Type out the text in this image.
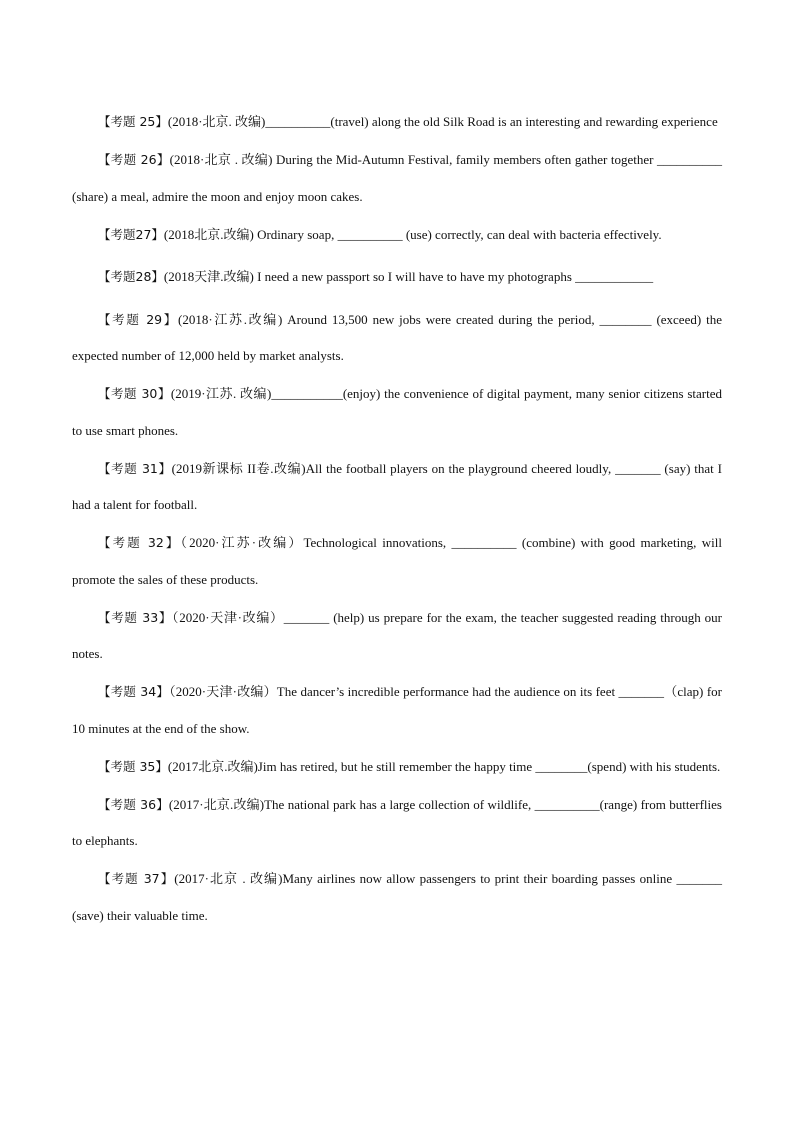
【考题 25】(2018·北京. 改编)__________(travel) along the old Silk Road is an interesting and rewarding experience

【考题 26】(2018·北京 . 改编) During the Mid-Autumn Festival, family members often gather together __________ (share) a meal, admire the moon and enjoy moon cakes.

【考题27】(2018北京.改编) Ordinary soap, __________ (use) correctly, can deal with bacteria effectively.

【考题28】(2018天津.改编) I need a new passport so I will have to have my photographs ____________

【考题 29】(2018·江苏.改编) Around 13,500 new jobs were created during the period, ________ (exceed) the expected number of 12,000 held by market analysts.

【考题 30】(2019·江苏. 改编)___________(enjoy) the convenience of digital payment, many senior citizens started to use smart phones.

【考题 31】(2019新课标 II卷.改编)All the football players on the playground cheered loudly, _______ (say) that I had a talent for football.

【考题 32】（2020·江苏·改编）Technological innovations, __________ (combine) with good marketing, will promote the sales of these products.

【考题 33】（2020·天津·改编）_______ (help) us prepare for the exam, the teacher suggested reading through our notes.

【考题 34】（2020·天津·改编）The dancer’s incredible performance had the audience on its feet _______（clap) for 10 minutes at the end of the show.

【考题 35】(2017北京.改编)Jim has retired, but he still remember the happy time ________(spend) with his students.

【考题 36】(2017·北京.改编)The national park has a large collection of wildlife, __________(range) from butterflies to elephants.

【考题 37】(2017·北京 . 改编)Many airlines now allow passengers to print their boarding passes online _______ (save) their valuable time.
